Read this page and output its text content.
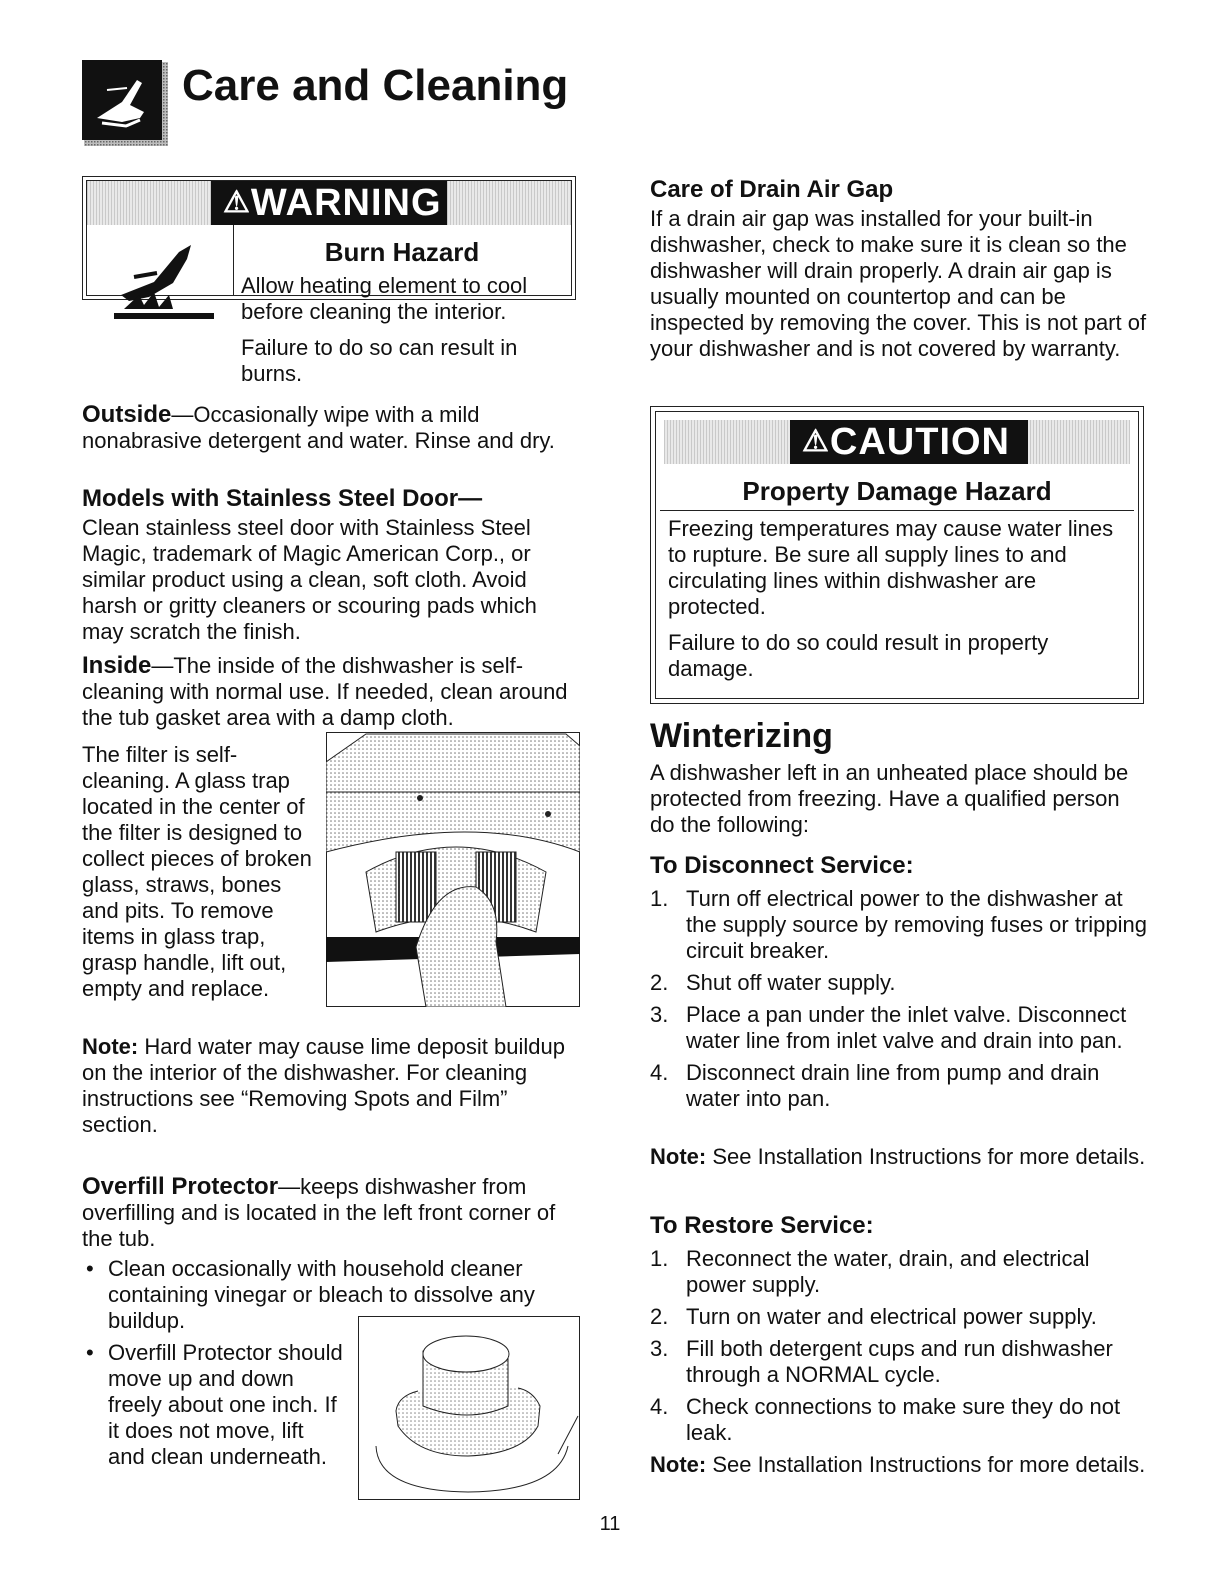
Care and Cleaning
⚠WARNING

Burn Hazard

Allow heating element to cool before cleaning the interior.

Failure to do so can result in burns.

Outside—Occasionally wipe with a mild nonabrasive detergent and water. Rinse and dry.

Models with Stainless Steel Door—

Clean stainless steel door with Stainless Steel Magic, trademark of Magic American Corp., or similar product using a clean, soft cloth. Avoid harsh or gritty cleaners or scouring pads which may scratch the finish.

Inside—The inside of the dishwasher is self-cleaning with normal use. If needed, clean around the tub gasket area with a damp cloth.

The filter is self-cleaning. A glass trap located in the center of the filter is designed to collect pieces of broken glass, straws, bones and pits. To remove items in glass trap, grasp handle, lift out, empty and replace.

Note: Hard water may cause lime deposit buildup on the interior of the dishwasher. For cleaning instructions see “Removing Spots and Film” section.

Overfill Protector—keeps dishwasher from overfilling and is located in the left front corner of the tub.

• Clean occasionally with household cleaner containing vinegar or bleach to dissolve any buildup.
• Overfill Protector should move up and down freely about one inch. If it does not move, lift and clean underneath.
Care of Drain Air Gap

If a drain air gap was installed for your built-in dishwasher, check to make sure it is clean so the dishwasher will drain properly. A drain air gap is usually mounted on countertop and can be inspected by removing the cover. This is not part of your dishwasher and is not covered by warranty.

⚠CAUTION

Property Damage Hazard

Freezing temperatures may cause water lines to rupture. Be sure all supply lines to and circulating lines within dishwasher are protected.

Failure to do so could result in property damage.

Winterizing

A dishwasher left in an unheated place should be protected from freezing. Have a qualified person do the following:

To Disconnect Service:
1. Turn off electrical power to the dishwasher at the supply source by removing fuses or tripping circuit breaker.
2. Shut off water supply.
3. Place a pan under the inlet valve. Disconnect water line from inlet valve and drain into pan.
4. Disconnect drain line from pump and drain water into pan.

Note: See Installation Instructions for more details.

To Restore Service:
1. Reconnect the water, drain, and electrical power supply.
2. Turn on water and electrical power supply.
3. Fill both detergent cups and run dishwasher through a NORMAL cycle.
4. Check connections to make sure they do not leak.

Note: See Installation Instructions for more details.

11
